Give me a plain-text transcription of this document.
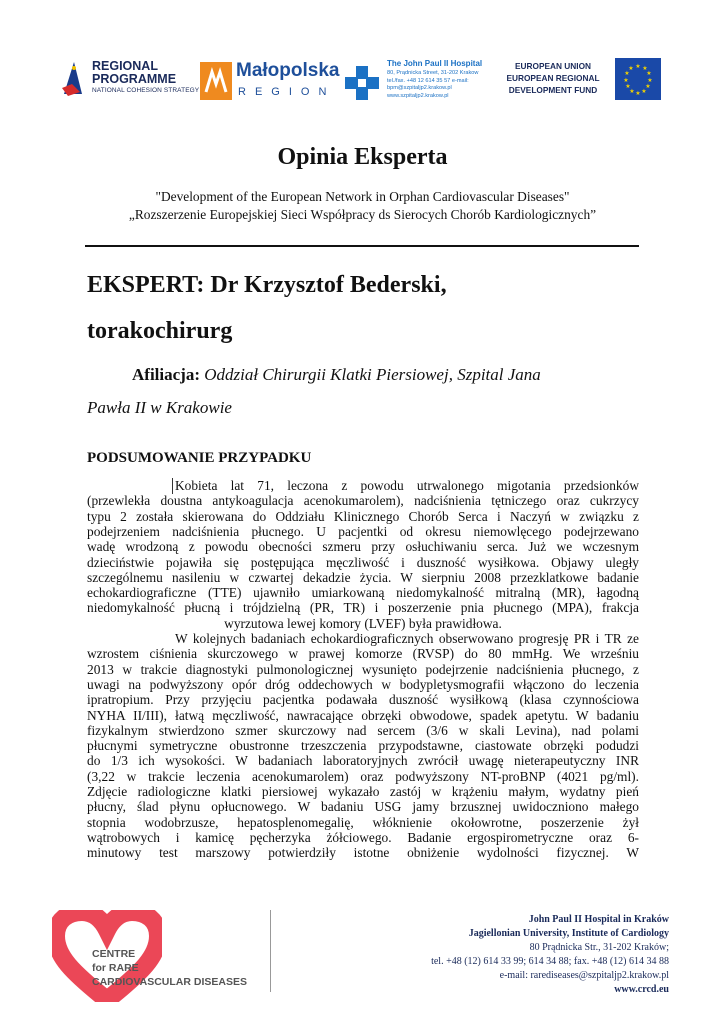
REGIONAL
PROGRAMME
NATIONAL COHESION STRATEGY
Małopolska
REGION
The John Paul II Hospital
80, Prądnicka Street, 31-202 Krakow
tel./fax. +48 12 614 35 57 e-mail:
bpm@szpitaljp2.krakow.pl
www.szpitaljp2.krakow.pl
EUROPEAN UNION
EUROPEAN REGIONAL
DEVELOPMENT FUND
★ ★
★
★
★
★
★
★
★
★
★
★
Opinia Eksperta
"Development of the European Network in Orphan Cardiovascular Diseases"
„Rozszerzenie Europejskiej Sieci Współpracy ds Sierocych Chorób Kardiologicznych”
EKSPERT: Dr Krzysztof Bederski,
torakochirurg
Afiliacja: Oddział Chirurgii Klatki Piersiowej, Szpital Jana
Pawła II w Krakowie
PODSUMOWANIE PRZYPADKU
Kobieta lat 71, leczona z powodu utrwalonego migotania przedsionków
(przewlekła doustna antykoagulacja acenokumarolem), nadciśnienia tętniczego oraz cukrzycy
typu 2 została skierowana do Oddziału Klinicznego Chorób Serca i Naczyń w związku z
podejrzeniem nadciśnienia płucnego. U pacjentki od okresu niemowlęcego podejrzewano
wadę wrodzoną z powodu obecności szmeru przy osłuchiwaniu serca. Już we wczesnym
dzieciństwie pojawiła się postępująca męczliwość i duszność wysiłkowa. Objawy uległy
szczególnemu nasileniu w czwartej dekadzie życia. W sierpniu 2008 przezklatkowe badanie
echokardiograficzne (TTE) ujawniło umiarkowaną niedomykalność mitralną (MR), łagodną
niedomykalność płucną i trójdzielną (PR, TR) i poszerzenie pnia płucnego (MPA), frakcja
wyrzutowa lewej komory (LVEF) była prawidłowa.
W kolejnych badaniach echokardiograficznych obserwowano progresję PR i TR ze
wzrostem ciśnienia skurczowego w prawej komorze (RVSP) do 80 mmHg. We wrześniu
2013 w trakcie diagnostyki pulmonologicznej wysunięto podejrzenie nadciśnienia płucnego, z
uwagi na podwyższony opór dróg oddechowych w bodypletysmografii włączono do leczenia
ipratropium. Przy przyjęciu pacjentka podawała duszność wysiłkową (klasa czynnościowa
NYHA II/III), łatwą męczliwość, nawracające obrzęki obwodowe, spadek apetytu. W badaniu
fizykalnym stwierdzono szmer skurczowy nad sercem (3/6 w skali Levina), nad polami
płucnymi symetryczne obustronne trzeszczenia przypodstawne, ciastowate obrzęki podudzi
do 1/3 ich wysokości. W badaniach laboratoryjnych zwrócił uwagę nieterapeutyczny INR
(3,22 w trakcie leczenia acenokumarolem) oraz podwyższony NT-proBNP (4021 pg/ml).
Zdjęcie radiologiczne klatki piersiowej wykazało zastój w krążeniu małym, wydatny pień
płucny, ślad płynu opłucnowego. W badaniu USG jamy brzusznej uwidoczniono małego
stopnia wodobrzusze, hepatosplenomegalię, włóknienie okołowrotne, poszerzenie żył
wątrobowych i kamicę pęcherzyka żółciowego. Badanie ergospirometryczne oraz 6-
minutowy test marszowy potwierdziły istotne obniżenie wydolności fizycznej. W
CENTRE
for RARE
CARDIOVASCULAR DISEASES
John Paul II Hospital in Kraków
Jagiellonian University, Institute of Cardiology
80 Prądnicka Str., 31-202 Kraków;
tel. +48 (12) 614 33 99; 614 34 88; fax. +48 (12) 614 34 88
e-mail: rarediseases@szpitaljp2.krakow.pl
www.crcd.eu
